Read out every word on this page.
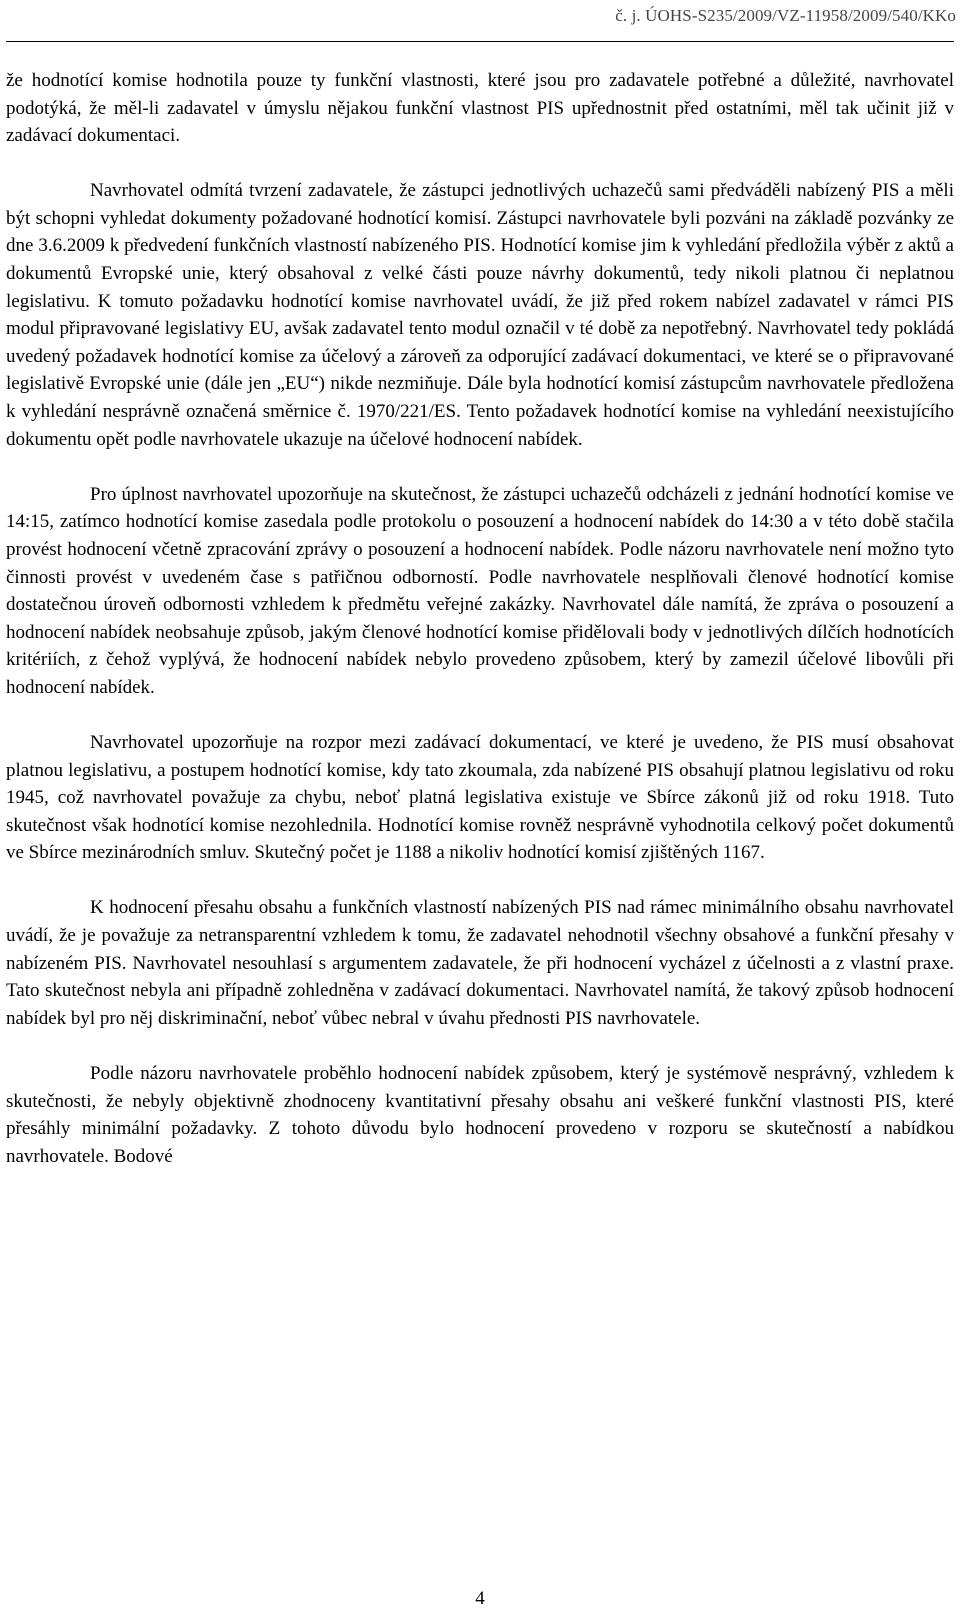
č. j. ÚOHS-S235/2009/VZ-11958/2009/540/KKo

že hodnotící komise hodnotila pouze ty funkční vlastnosti, které jsou pro zadavatele potřebné a důležité, navrhovatel podotýká, že měl-li zadavatel v úmyslu nějakou funkční vlastnost PIS upřednostnit před ostatními, měl tak učinit již v zadávací dokumentaci.

Navrhovatel odmítá tvrzení zadavatele, že zástupci jednotlivých uchazečů sami předváděli nabízený PIS a měli být schopni vyhledat dokumenty požadované hodnotící komisí. Zástupci navrhovatele byli pozváni na základě pozvánky ze dne 3.6.2009 k předvedení funkčních vlastností nabízeného PIS. Hodnotící komise jim k vyhledání předložila výběr z aktů a dokumentů Evropské unie, který obsahoval z velké části pouze návrhy dokumentů, tedy nikoli platnou či neplatnou legislativu. K tomuto požadavku hodnotící komise navrhovatel uvádí, že již před rokem nabízel zadavatel v rámci PIS modul připravované legislativy EU, avšak zadavatel tento modul označil v té době za nepotřebný. Navrhovatel tedy pokládá uvedený požadavek hodnotící komise za účelový a zároveň za odporující zadávací dokumentaci, ve které se o připravované legislativě Evropské unie (dále jen „EU“) nikde nezmiňuje. Dále byla hodnotící komisí zástupcům navrhovatele předložena k vyhledání nesprávně označená směrnice č. 1970/221/ES. Tento požadavek hodnotící komise na vyhledání neexistujícího dokumentu opět podle navrhovatele ukazuje na účelové hodnocení nabídek.

Pro úplnost navrhovatel upozorňuje na skutečnost, že zástupci uchazečů odcházeli z jednání hodnotící komise ve 14:15, zatímco hodnotící komise zasedala podle protokolu o posouzení a hodnocení nabídek do 14:30 a v této době stačila provést hodnocení včetně zpracování zprávy o posouzení a hodnocení nabídek. Podle názoru navrhovatele není možno tyto činnosti provést v uvedeném čase s patřičnou odborností. Podle navrhovatele nesplňovali členové hodnotící komise dostatečnou úroveň odbornosti vzhledem k předmětu veřejné zakázky. Navrhovatel dále namítá, že zpráva o posouzení a hodnocení nabídek neobsahuje způsob, jakým členové hodnotící komise přidělovali body v jednotlivých dílčích hodnotících kritériích, z čehož vyplývá, že hodnocení nabídek nebylo provedeno způsobem, který by zamezil účelové libovůli při hodnocení nabídek.

Navrhovatel upozorňuje na rozpor mezi zadávací dokumentací, ve které je uvedeno, že PIS musí obsahovat platnou legislativu, a postupem hodnotící komise, kdy tato zkoumala, zda nabízené PIS obsahují platnou legislativu od roku 1945, což navrhovatel považuje za chybu, neboť platná legislativa existuje ve Sbírce zákonů již od roku 1918. Tuto skutečnost však hodnotící komise nezohlednila. Hodnotící komise rovněž nesprávně vyhodnotila celkový počet dokumentů ve Sbírce mezinárodních smluv. Skutečný počet je 1188 a nikoliv hodnotící komisí zjištěných 1167.

K hodnocení přesahu obsahu a funkčních vlastností nabízených PIS nad rámec minimálního obsahu navrhovatel uvádí, že je považuje za netransparentní vzhledem k tomu, že zadavatel nehodnotil všechny obsahové a funkční přesahy v nabízeném PIS. Navrhovatel nesouhlasí s argumentem zadavatele, že při hodnocení vycházel z účelnosti a z vlastní praxe. Tato skutečnost nebyla ani případně zohledněna v zadávací dokumentaci. Navrhovatel namítá, že takový způsob hodnocení nabídek byl pro něj diskriminační, neboť vůbec nebral v úvahu přednosti PIS navrhovatele.

Podle názoru navrhovatele proběhlo hodnocení nabídek způsobem, který je systémově nesprávný, vzhledem k skutečnosti, že nebyly objektivně zhodnoceny kvantitativní přesahy obsahu ani veškeré funkční vlastnosti PIS, které přesáhly minimální požadavky. Z tohoto důvodu bylo hodnocení provedeno v rozporu se skutečností a nabídkou navrhovatele. Bodové

4
